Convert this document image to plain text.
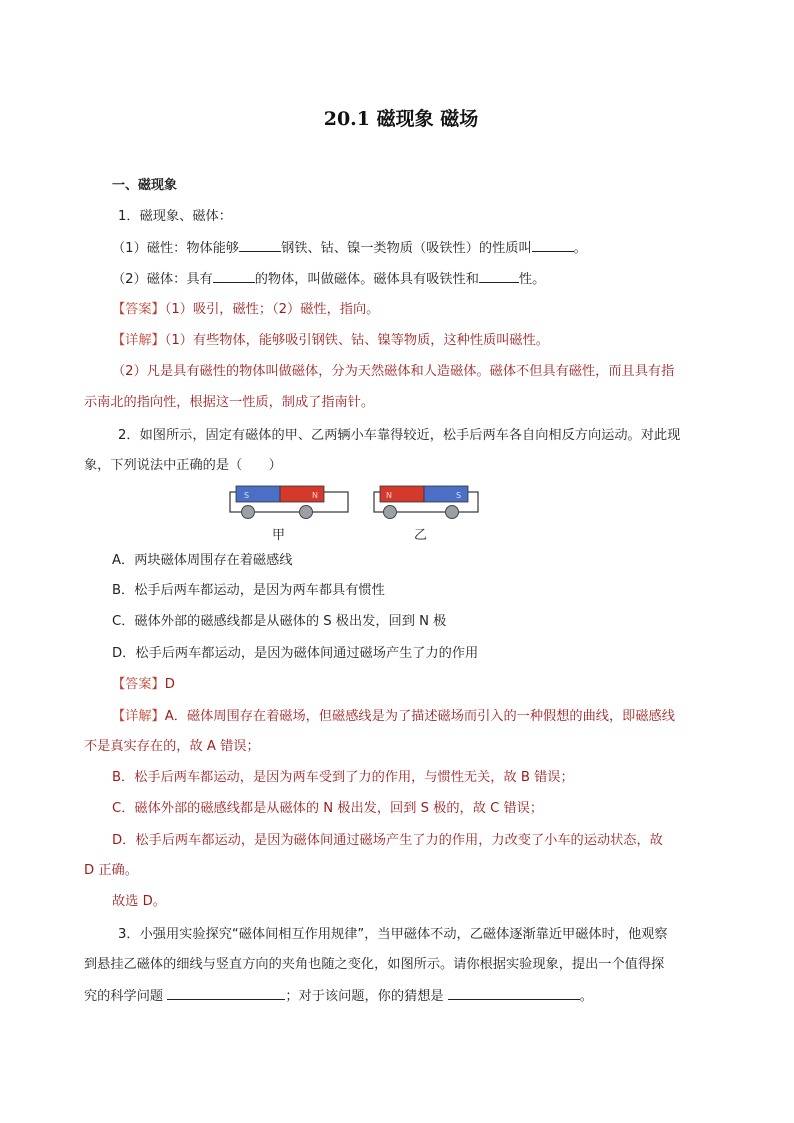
20.1 磁现象 磁场
一、磁现象
1．磁现象、磁体：
（1）磁性：物体能够	钢铁、钴、镍一类物质（吸铁性）的性质叫	。
（2）磁体：具有	的物体，叫做磁体。磁体具有吸铁性和	性。
【答案】（1）吸引，磁性；（2）磁性，指向。
【详解】（1）有些物体，能够吸引钢铁、钴、镍等物质，这种性质叫磁性。
（2）凡是具有磁性的物体叫做磁体，分为天然磁体和人造磁体。磁体不但具有磁性，而且具有指
示南北的指向性，根据这一性质，制成了指南针。
2．如图所示，固定有磁体的甲、乙两辆小车靠得较近，松手后两车各自向相反方向运动。对此现
象，下列说法中正确的是（　　）
S	N	N	S
甲	乙
A．两块磁体周围存在着磁感线
B．松手后两车都运动，是因为两车都具有惯性
C．磁体外部的磁感线都是从磁体的 S 极出发，回到 N 极
D．松手后两车都运动，是因为磁体间通过磁场产生了力的作用
【答案】D
【详解】A．磁体周围存在着磁场，但磁感线是为了描述磁场而引入的一种假想的曲线，即磁感线
不是真实存在的，故 A 错误；
B．松手后两车都运动，是因为两车受到了力的作用，与惯性无关，故 B 错误；
C．磁体外部的磁感线都是从磁体的 N 极出发，回到 S 极的，故 C 错误；
D．松手后两车都运动，是因为磁体间通过磁场产生了力的作用，力改变了小车的运动状态，故
D 正确。
故选 D。
3．小强用实验探究“磁体间相互作用规律”，当甲磁体不动，乙磁体逐渐靠近甲磁体时，他观察
到悬挂乙磁体的细线与竖直方向的夹角也随之变化，如图所示。请你根据实验现象，提出一个值得探
究的科学问题	；对于该问题，你的猜想是	。
